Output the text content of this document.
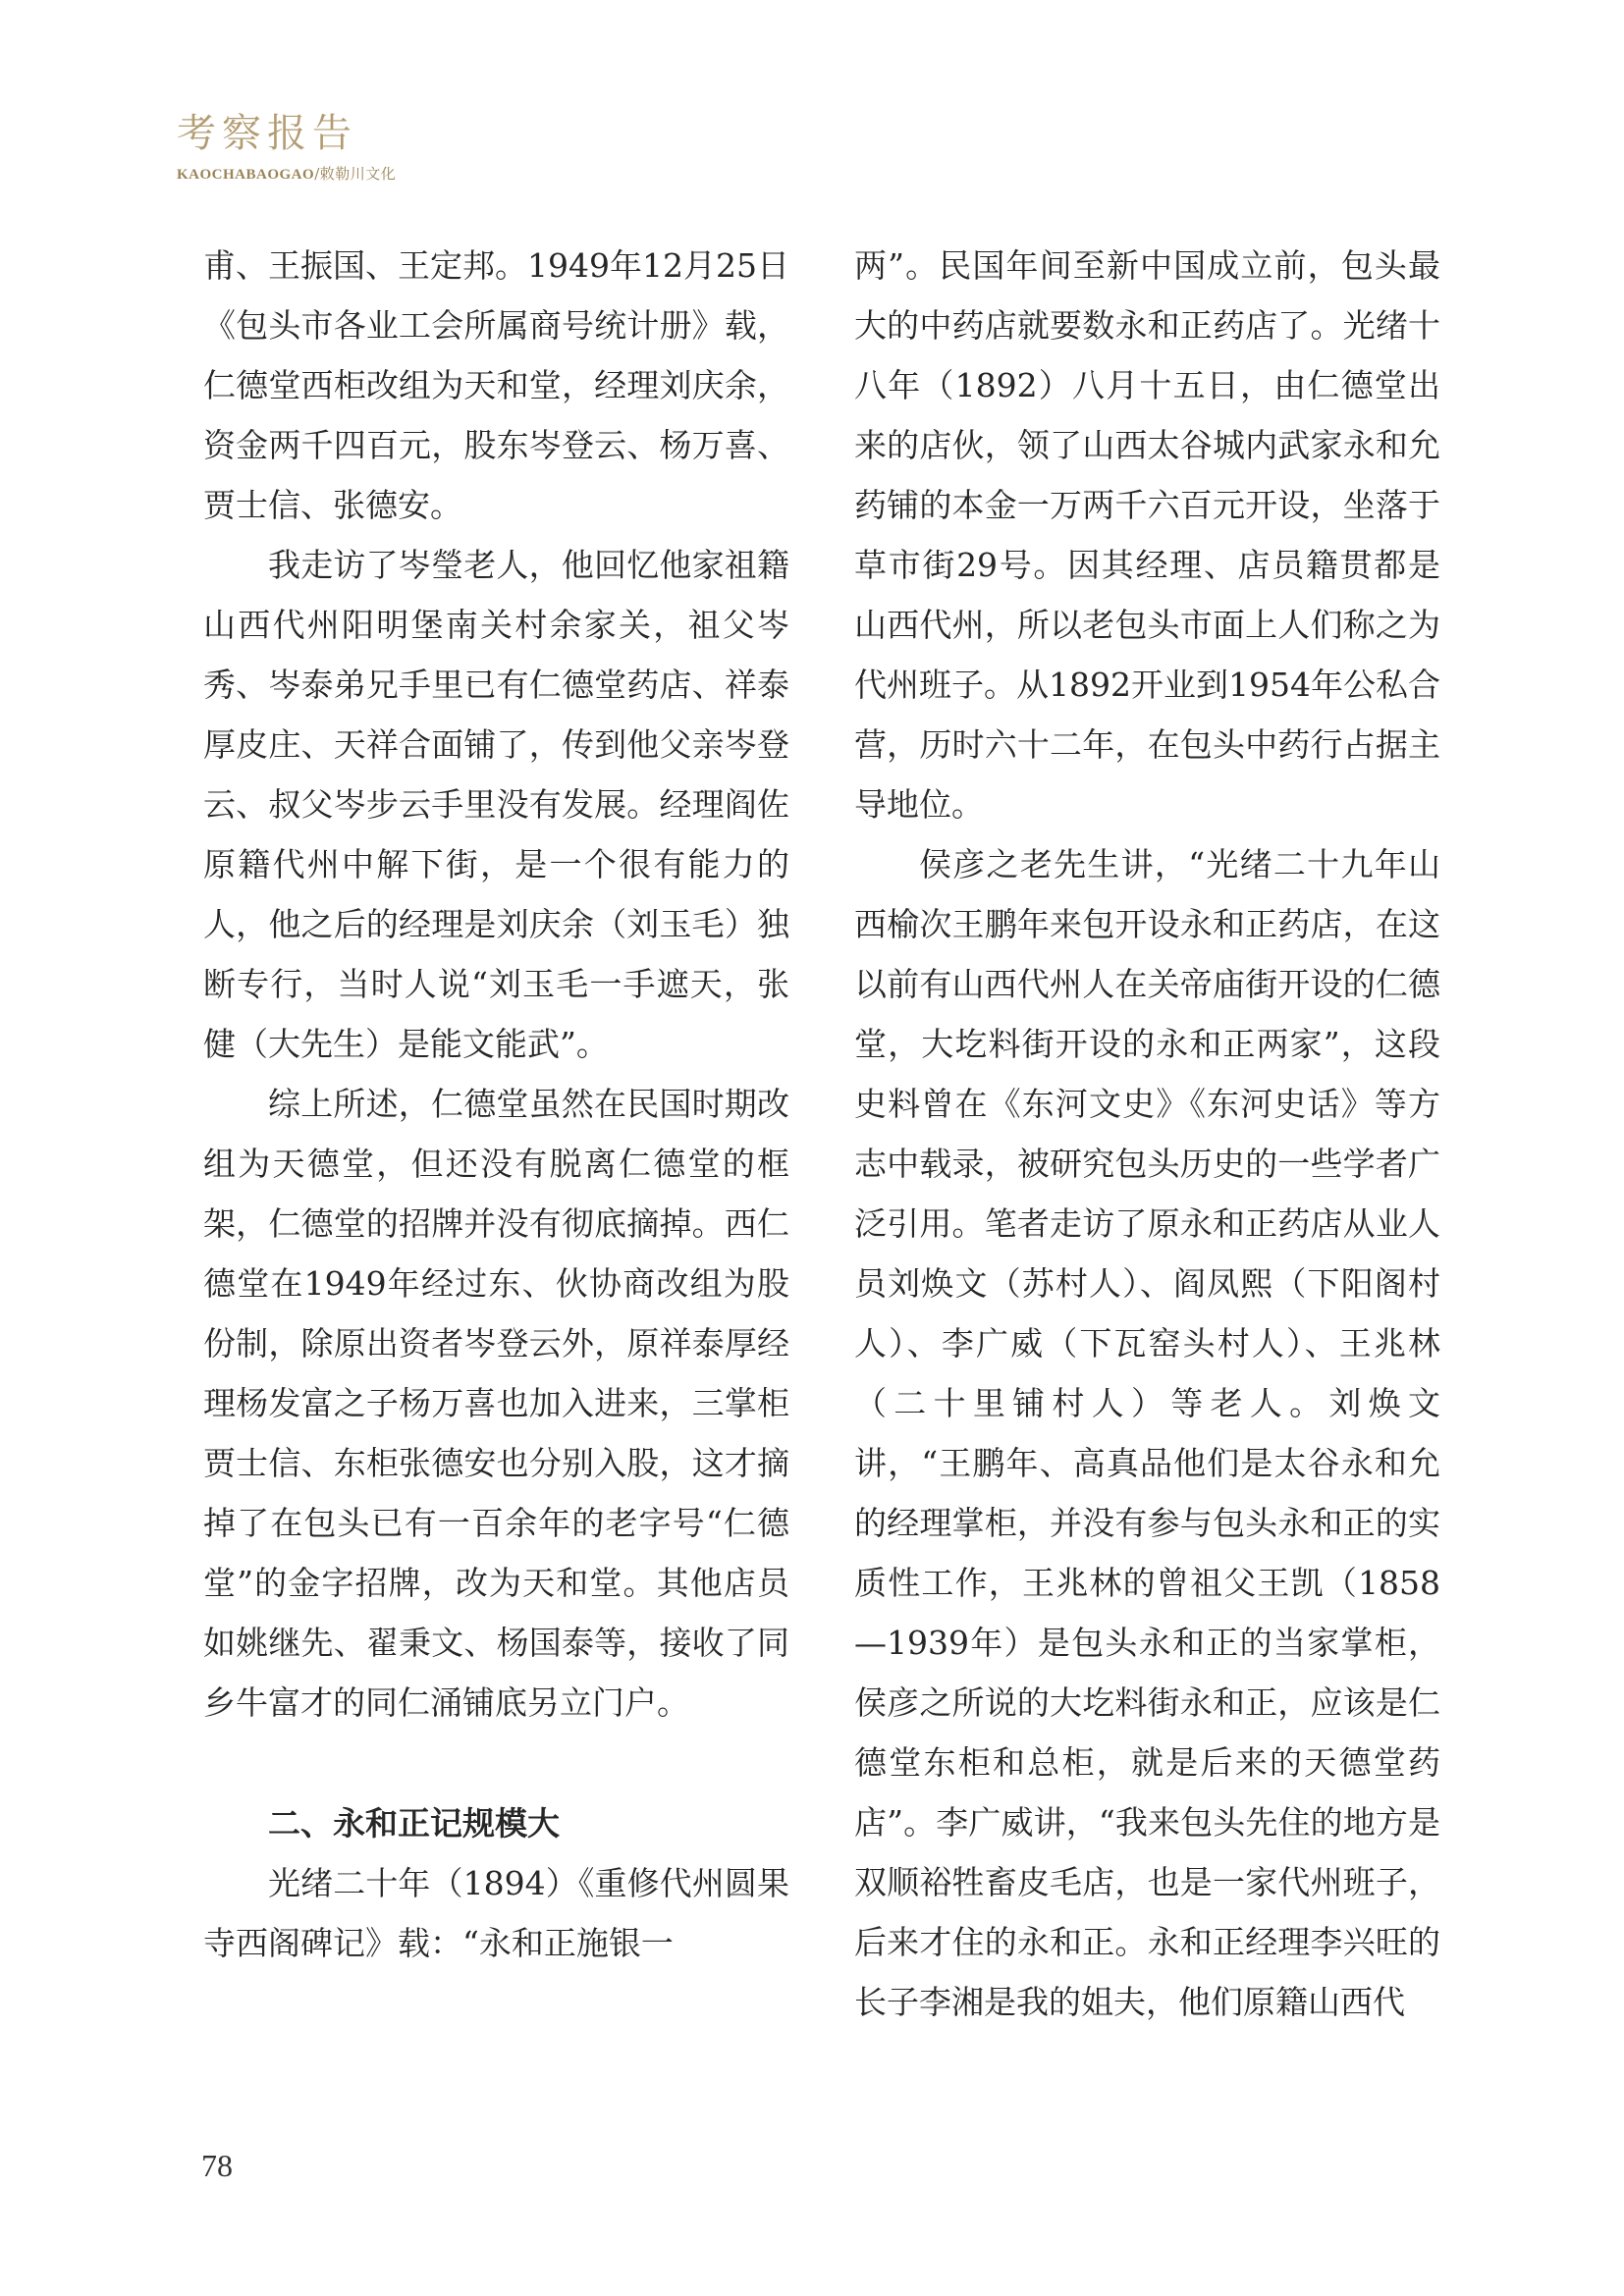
考察报告
KAOCHABAOGAO/敕勒川文化

甫、王振国、王定邦。1949年12月25日《包头市各业工会所属商号统计册》载，仁德堂西柜改组为天和堂，经理刘庆余，资金两千四百元，股东岑登云、杨万喜、贾士信、张德安。

我走访了岑瑩老人，他回忆他家祖籍山西代州阳明堡南关村余家关，祖父岑秀、岑泰弟兄手里已有仁德堂药店、祥泰厚皮庄、天祥合面铺了，传到他父亲岑登云、叔父岑步云手里没有发展。经理阎佐原籍代州中解下街，是一个很有能力的人，他之后的经理是刘庆余（刘玉毛）独断专行，当时人说“刘玉毛一手遮天，张健（大先生）是能文能武”。

综上所述，仁德堂虽然在民国时期改组为天德堂，但还没有脱离仁德堂的框架，仁德堂的招牌并没有彻底摘掉。西仁德堂在1949年经过东、伙协商改组为股份制，除原出资者岑登云外，原祥泰厚经理杨发富之子杨万喜也加入进来，三掌柜贾士信、东柜张德安也分别入股，这才摘掉了在包头已有一百余年的老字号“仁德堂”的金字招牌，改为天和堂。其他店员如姚继先、翟秉文、杨国泰等，接收了同乡牛富才的同仁涌铺底另立门户。

二、永和正记规模大

光绪二十年（1894）《重修代州圆果寺西阁碑记》载：“永和正施银一

两”。民国年间至新中国成立前，包头最大的中药店就要数永和正药店了。光绪十八年（1892）八月十五日，由仁德堂出来的店伙，领了山西太谷城内武家永和允药铺的本金一万两千六百元开设，坐落于草市街29号。因其经理、店员籍贯都是山西代州，所以老包头市面上人们称之为代州班子。从1892开业到1954年公私合营，历时六十二年，在包头中药行占据主导地位。

侯彦之老先生讲，“光绪二十九年山西榆次王鹏年来包开设永和正药店，在这以前有山西代州人在关帝庙街开设的仁德堂，大圪料街开设的永和正两家”，这段史料曾在《东河文史》《东河史话》等方志中载录，被研究包头历史的一些学者广泛引用。笔者走访了原永和正药店从业人员刘焕文（苏村人）、阎凤熙（下阳阁村人）、李广威（下瓦窑头村人）、王兆林（二十里铺村人）等老人。刘焕文讲，“王鹏年、高真品他们是太谷永和允的经理掌柜，并没有参与包头永和正的实质性工作，王兆林的曾祖父王凯（1858—1939年）是包头永和正的当家掌柜，侯彦之所说的大圪料街永和正，应该是仁德堂东柜和总柜，就是后来的天德堂药店”。李广威讲，“我来包头先住的地方是双顺裕牲畜皮毛店，也是一家代州班子，后来才住的永和正。永和正经理李兴旺的长子李湘是我的姐夫，他们原籍山西代

78
